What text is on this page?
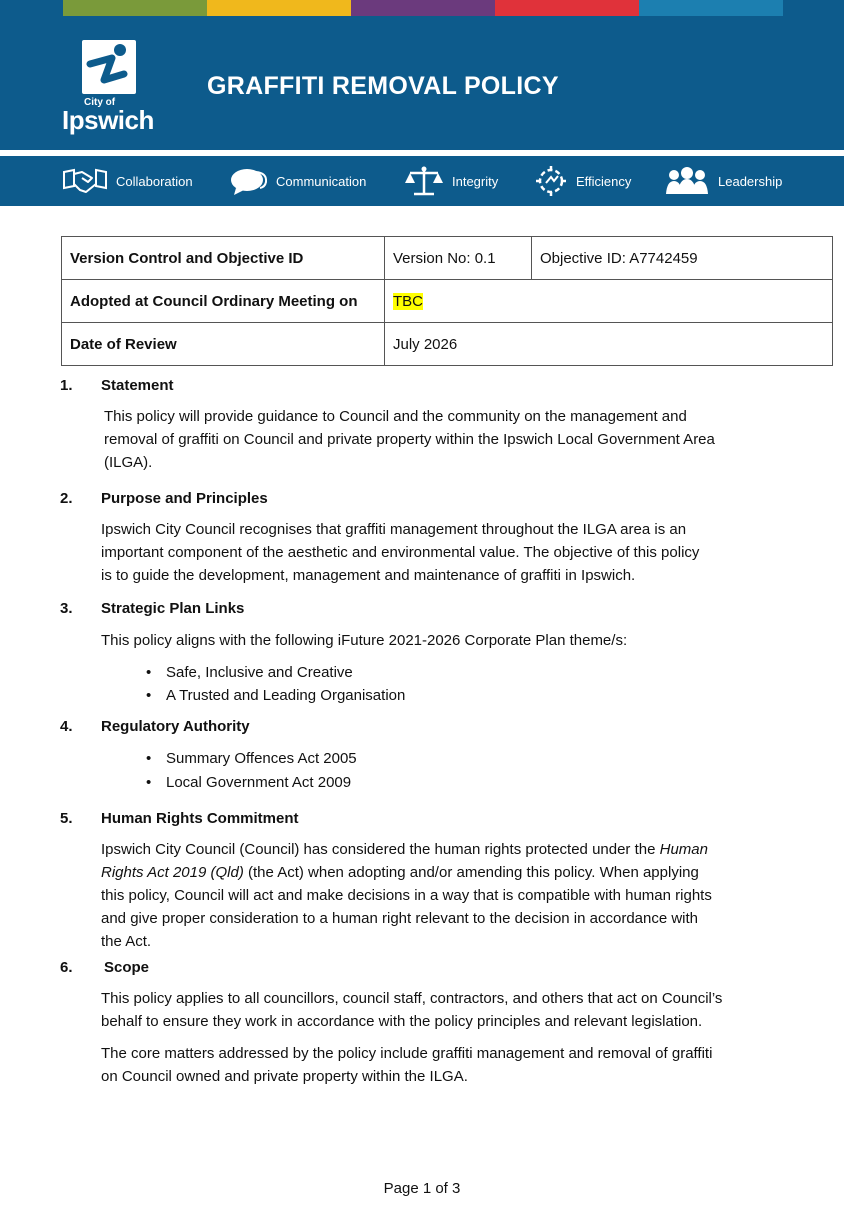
City of
Ipswich
GRAFFITI REMOVAL POLICY
Collaboration	Communication	Integrity	Efficiency	Leadership
Version Control and Objective ID	Version No: 0.1	Objective ID: A7742459
Adopted at Council Ordinary Meeting on	TBC	
Date of Review	July 2026	
1. Statement
This policy will provide guidance to Council and the community on the management and
removal of graffiti on Council and private property within the Ipswich Local Government Area
(ILGA).
2. Purpose and Principles
Ipswich City Council recognises that graffiti management throughout the ILGA area is an
important component of the aesthetic and environmental value. The objective of this policy
is to guide the development, management and maintenance of graffiti in Ipswich.
3. Strategic Plan Links
This policy aligns with the following iFuture 2021-2026 Corporate Plan theme/s:
• Safe, Inclusive and Creative
• A Trusted and Leading Organisation
4. Regulatory Authority
• Summary Offences Act 2005
• Local Government Act 2009
5. Human Rights Commitment
Ipswich City Council (Council) has considered the human rights protected under the Human
Rights Act 2019 (Qld) (the Act) when adopting and/or amending this policy. When applying
this policy, Council will act and make decisions in a way that is compatible with human rights
and give proper consideration to a human right relevant to the decision in accordance with
the Act.
6. Scope
This policy applies to all councillors, council staff, contractors, and others that act on Council’s
behalf to ensure they work in accordance with the policy principles and relevant legislation.
The core matters addressed by the policy include graffiti management and removal of graffiti
on Council owned and private property within the ILGA.
Page 1 of 3
